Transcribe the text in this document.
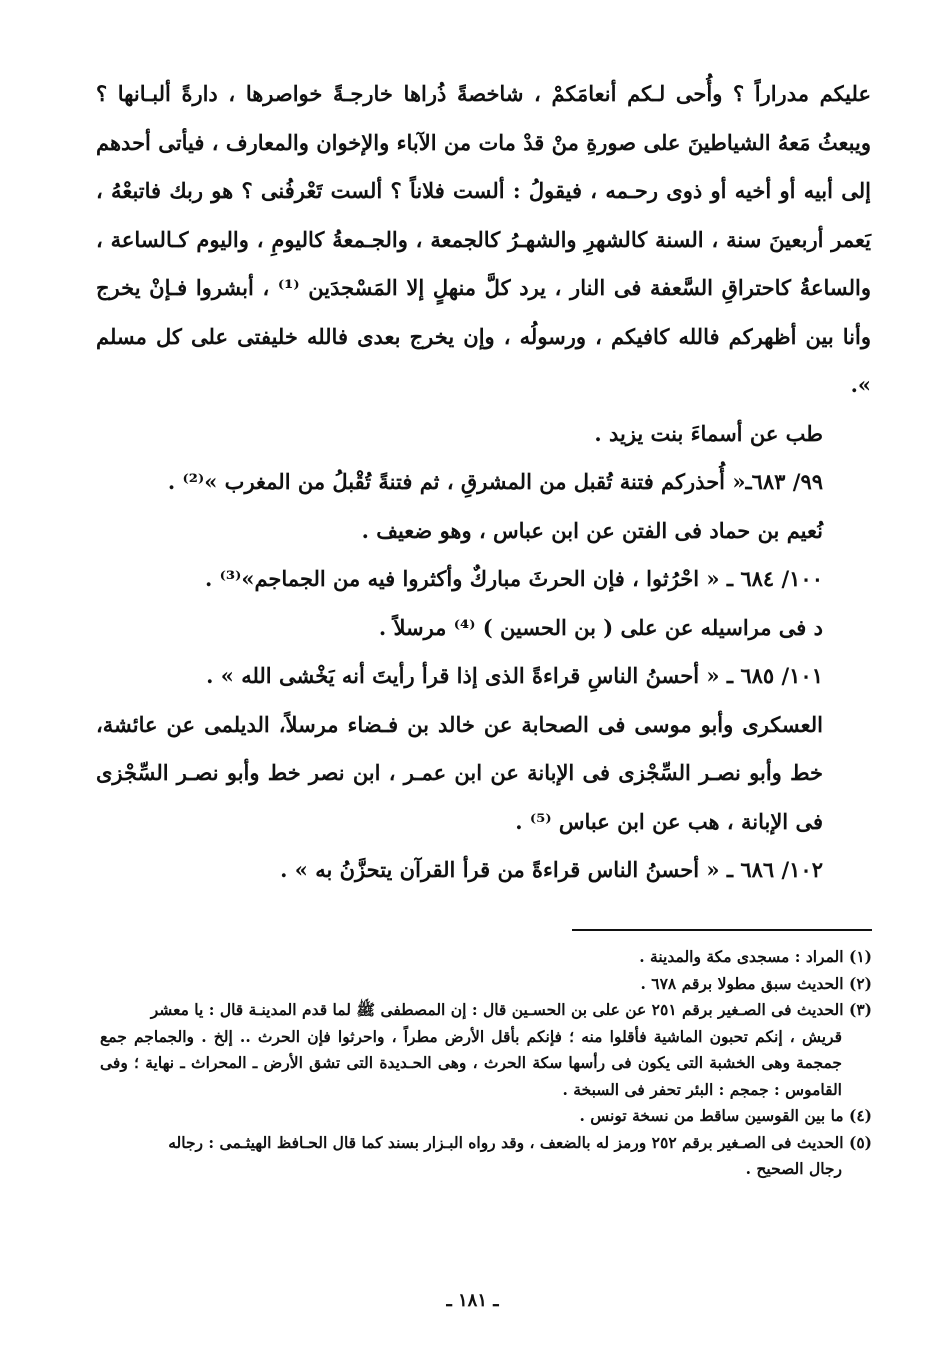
عليكم مدراراً ؟ وأُحى لـكم أنعامَكمْ ، شاخصةً ذُراها خارجـةً خواصرها ، دارةً ألبـانها ؟ ويبعثُ مَعهُ الشياطينَ على صورةِ منْ قدْ مات من الآباء والإخوان والمعارف ، فيأتى أحدهم إلى أبيه أو أخيه أو ذوى رحـمه ، فيقولُ : ألست فلاناً ؟ ألست تَعْرفُنى ؟ هو ربك فاتبعْهُ ، يَعمر أربعينَ سنة ، السنة كالشهرِ والشهـرُ كالجمعة ، والجـمعةُ كاليومِ ، واليوم كـالساعة ، والساعةُ كاحتراقِ السَّعفة فى النار ، يرد كلَّ منهلٍ إلا المَسْجدَين ⁽¹⁾ ، أبشروا فـإنْ يخرج وأنا بين أظهركم فالله كافيكم ، ورسولُه ، وإن يخرج بعدى فالله خليفتى على كل مسلم ».

طب عن أسماءَ بنت يزيد .

٩٩/ ٦٨٣ـ« أُحذركم فتنة تُقبل من المشرقِ ، ثم فتنةً تُقْبلُ من المغرب »⁽²⁾ .

نُعيم بن حماد فى الفتن عن ابن عباس ، وهو ضعيف .

١٠٠/ ٦٨٤ ـ « احْرُثوا ، فإن الحرثَ مباركٌ وأكثروا فيه من الجماجم»⁽³⁾ .

د فى مراسيله عن على ( بن الحسين ) ⁽⁴⁾ مرسلاً .

١٠١/ ٦٨٥ ـ « أحسنُ الناسِ قراءةً الذى إذا قرأ رأيتَ أنه يَخْشى الله » .

العسكرى وأبو موسى فى الصحابة عن خالد بن فـضاء مرسلاً، الديلمى عن عائشة، خط وأبو نصـر السِّجْزى فى الإبانة عن ابن عمـر ، ابن نصر خط وأبو نصـر السِّجْزى فى الإبانة ، هب عن ابن عباس ⁽⁵⁾ .

١٠٢/ ٦٨٦ ـ « أحسنُ الناس قراءةً من قرأ القرآن يتحزَّنُ به » .

(١) المراد : مسجدى مكة والمدينة .

(٢) الحديث سبق مطولا برقم ٦٧٨ .

(٣) الحديث فى الصـغير برقم ٢٥١ عن على بن الحسـين قال : إن المصطفى ﷺ لما قدم المدينـة قال : يا معشر

قريش ، إنكم تحبون الماشية فأقلوا منه ؛ فإنكم بأقل الأرض مطراً ، واحرثوا فإن الحرث .. إلخ . والجماجم جمع جمجمة وهى الخشبة التى يكون فى رأسها سكة الحرث ، وهى الحـديدة التى تشق الأرض ـ المحراث ـ نهاية ؛ وفى القاموس : جمجم : البئر تحفر فى السبخة .

(٤) ما بين القوسين ساقط من نسخة تونس .

(٥) الحديث فى الصـغير برقم ٢٥٢ ورمز له بالضعف ، وقد رواه البـزار بسند كما قال الحـافظ الهيثـمى : رجاله

رجال الصحيح .

ـ ١٨١ ـ
